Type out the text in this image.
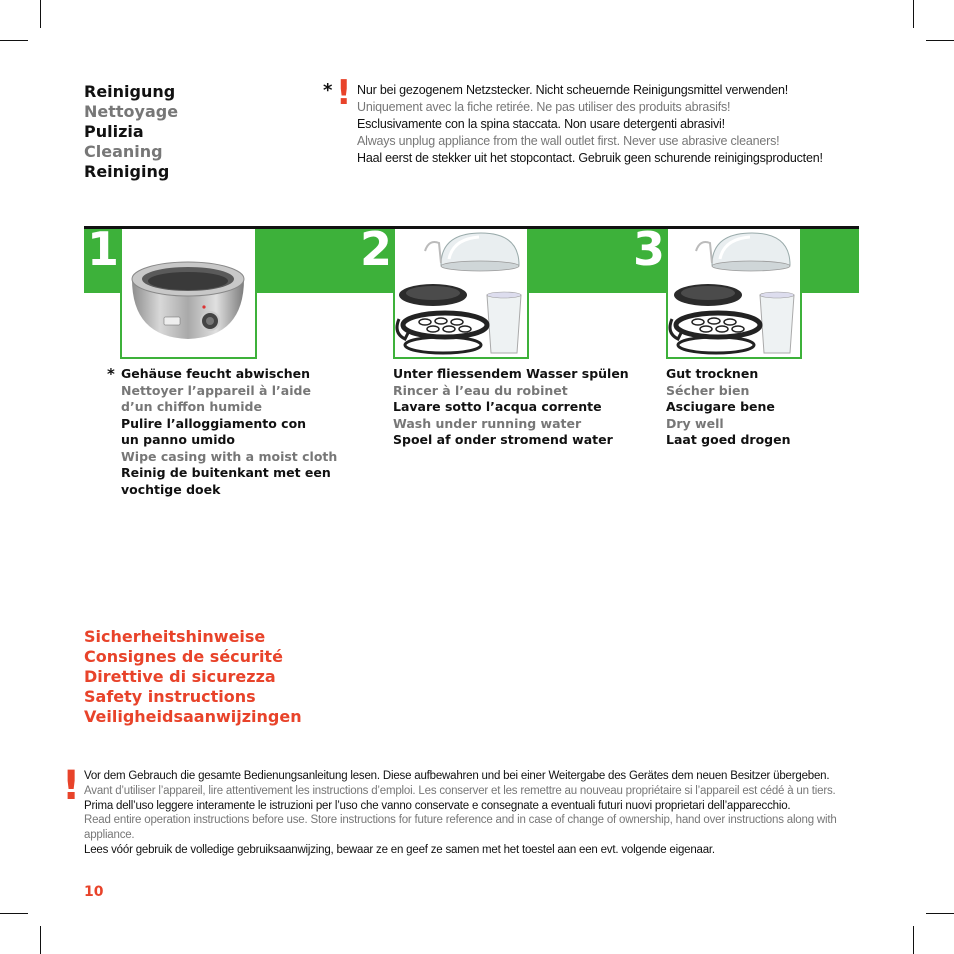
Reinigung
Nettoyage
Pulizia
Cleaning
Reiniging
* ! Nur bei gezogenem Netzstecker. Nicht scheuernde Reinigungsmittel verwenden!
Uniquement avec la fiche retirée. Ne pas utiliser des produits abrasifs!
Esclusivamente con la spina staccata. Non usare detergenti abrasivi!
Always unplug appliance from the wall outlet first. Never use abrasive cleaners!
Haal eerst de stekker uit het stopcontact. Gebruik geen schurende reinigingsproducten!
1	2	3
* Gehäuse feucht abwischen
Nettoyer l’appareil à l’aide
d’un chiffon humide
Pulire l’alloggiamento con
un panno umido
Wipe casing with a moist cloth
Reinig de buitenkant met een
vochtige doek
Unter fliessendem Wasser spülen
Rincer à l’eau du robinet
Lavare sotto l’acqua corrente
Wash under running water
Spoel af onder stromend water
Gut trocknen
Sécher bien
Asciugare bene
Dry well
Laat goed drogen
Sicherheitshinweise
Consignes de sécurité
Direttive di sicurezza
Safety instructions
Veiligheidsaanwijzingen
! Vor dem Gebrauch die gesamte Bedienungsanleitung lesen. Diese aufbewahren und bei einer Weitergabe des Gerätes dem neuen Besitzer übergeben.
Avant d’utiliser l’appareil, lire attentivement les instructions d’emploi. Les conserver et les remettre au nouveau propriétaire si l’appareil est cédé à un tiers.
Prima dell’uso leggere interamente le istruzioni per l’uso che vanno conservate e consegnate a eventuali futuri nuovi proprietari dell’apparecchio.
Read entire operation instructions before use. Store instructions for future reference and in case of change of ownership, hand over instructions along with appliance.
Lees vóór gebruik de volledige gebruiksaanwijzing, bewaar ze en geef ze samen met het toestel aan een evt. volgende eigenaar.
10
